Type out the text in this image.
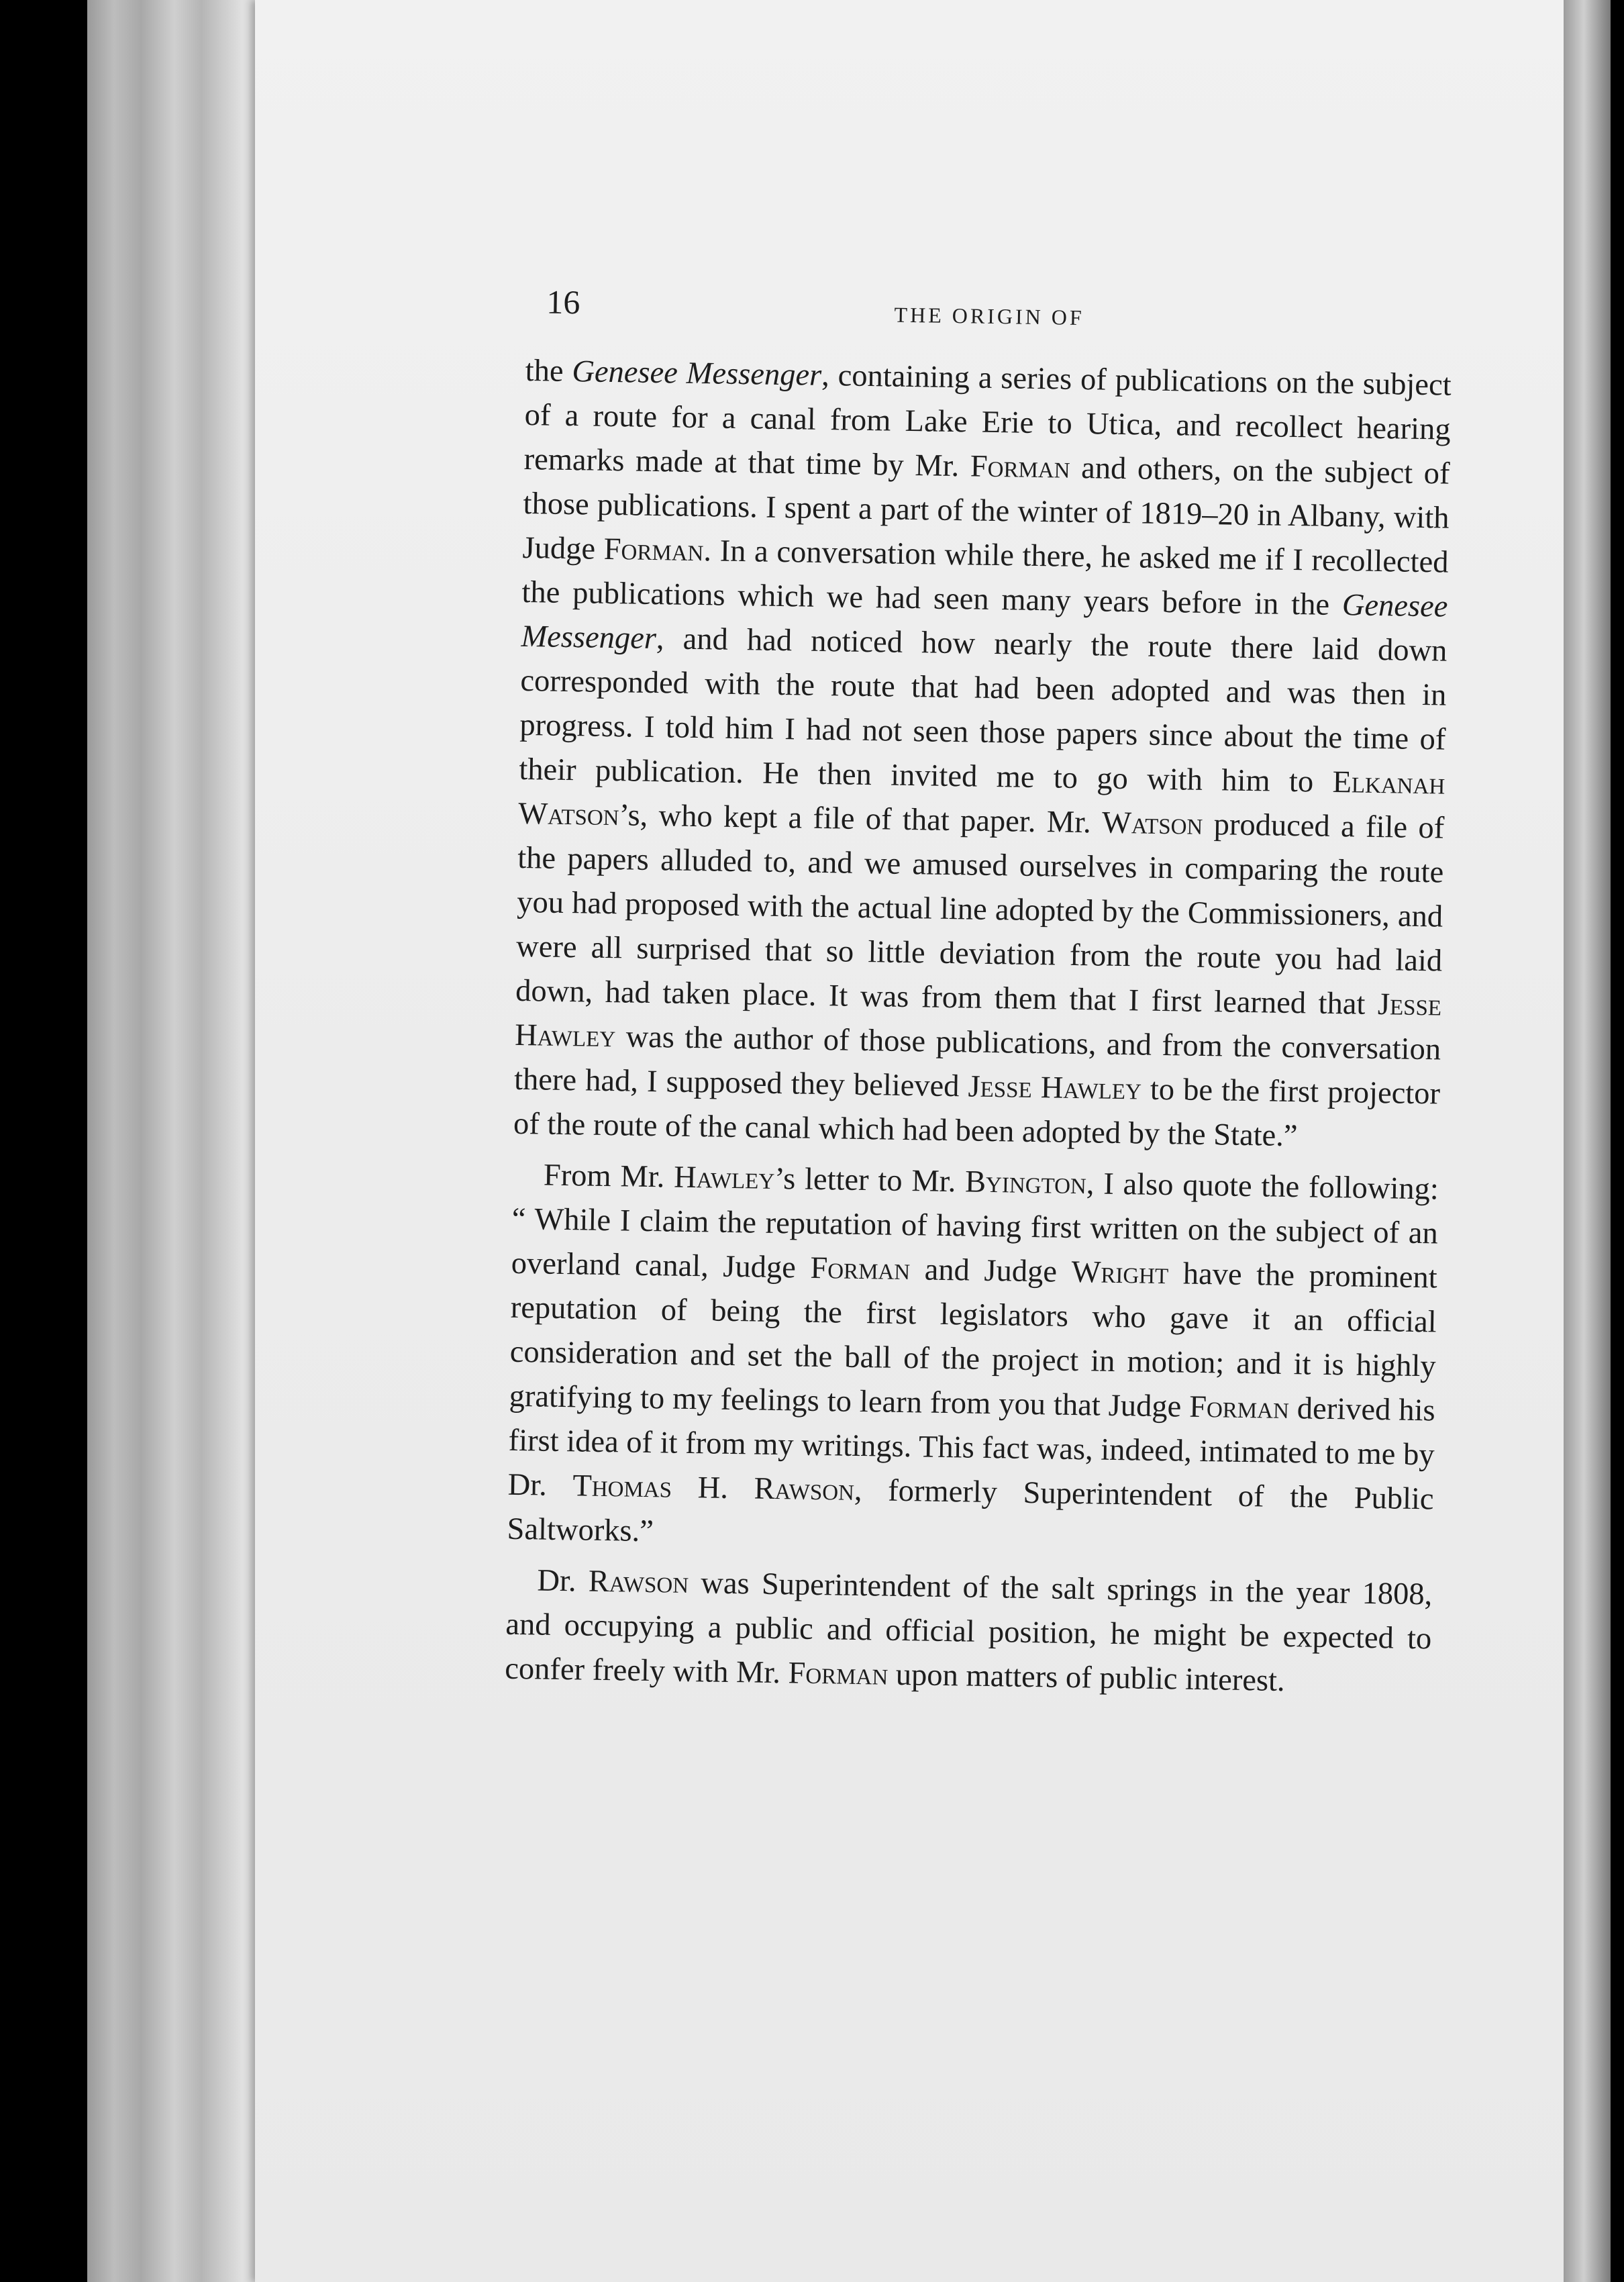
16	THE ORIGIN OF

the Genesee Messenger, containing a series of publications on the subject of a route for a canal from Lake Erie to Utica, and recollect hearing remarks made at that time by Mr. Forman and others, on the subject of those publications. I spent a part of the winter of 1819–20 in Albany, with Judge Forman. In a conversation while there, he asked me if I recollected the publications which we had seen many years before in the Genesee Messenger, and had noticed how nearly the route there laid down corresponded with the route that had been adopted and was then in progress. I told him I had not seen those papers since about the time of their publication. He then invited me to go with him to Elkanah Watson’s, who kept a file of that paper. Mr. Watson produced a file of the papers alluded to, and we amused ourselves in comparing the route you had proposed with the actual line adopted by the Commissioners, and were all surprised that so little deviation from the route you had laid down, had taken place. It was from them that I first learned that Jesse Hawley was the author of those publications, and from the conversation there had, I supposed they believed Jesse Hawley to be the first projector of the route of the canal which had been adopted by the State.”

From Mr. Hawley’s letter to Mr. Byington, I also quote the following: “ While I claim the reputation of having first written on the subject of an overland canal, Judge Forman and Judge Wright have the prominent reputation of being the first legislators who gave it an official consideration and set the ball of the project in motion; and it is highly gratifying to my feelings to learn from you that Judge Forman derived his first idea of it from my writings. This fact was, indeed, intimated to me by Dr. Thomas H. Rawson, formerly Superintendent of the Public Saltworks.”

Dr. Rawson was Superintendent of the salt springs in the year 1808, and occupying a public and official position, he might be expected to confer freely with Mr. Forman upon matters of public interest.
